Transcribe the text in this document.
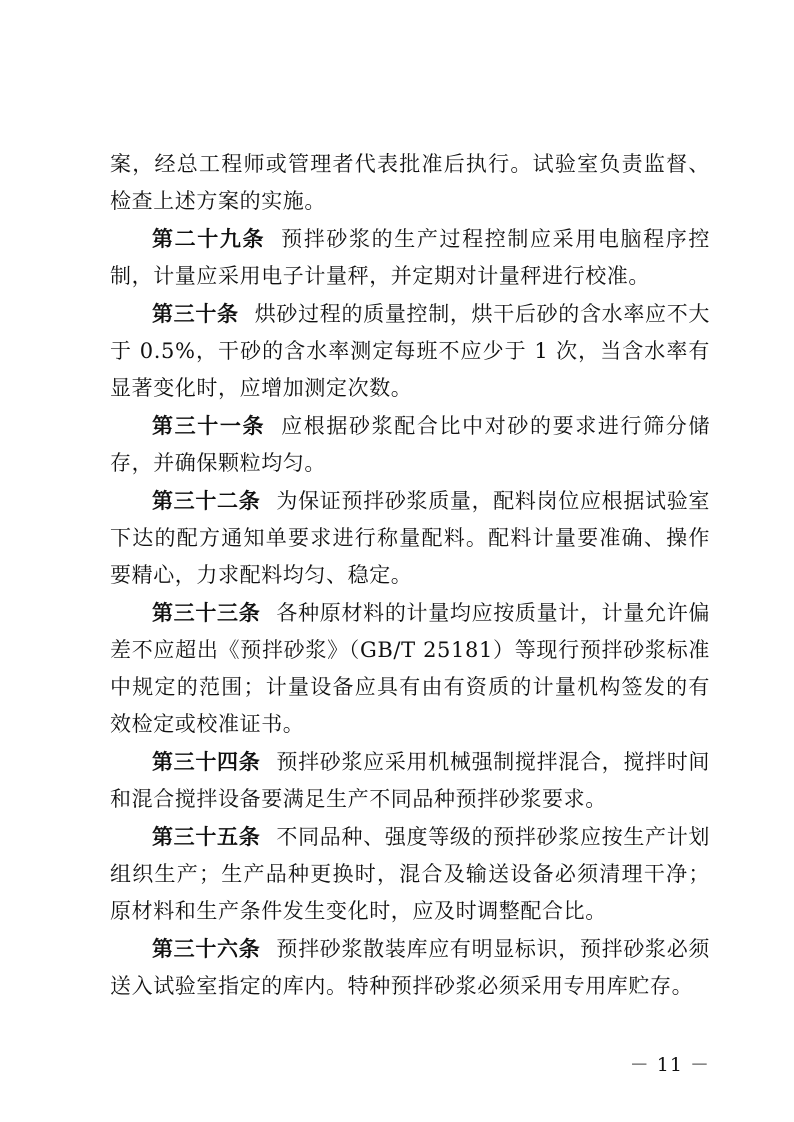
案，经总工程师或管理者代表批准后执行。试验室负责监督、检查上述方案的实施。

第二十九条 预拌砂浆的生产过程控制应采用电脑程序控制，计量应采用电子计量秤，并定期对计量秤进行校准。

第三十条 烘砂过程的质量控制，烘干后砂的含水率应不大于 0.5%，干砂的含水率测定每班不应少于 1 次，当含水率有显著变化时，应增加测定次数。

第三十一条 应根据砂浆配合比中对砂的要求进行筛分储存，并确保颗粒均匀。

第三十二条 为保证预拌砂浆质量，配料岗位应根据试验室下达的配方通知单要求进行称量配料。配料计量要准确、操作要精心，力求配料均匀、稳定。

第三十三条 各种原材料的计量均应按质量计，计量允许偏差不应超出《预拌砂浆》（GB/T 25181）等现行预拌砂浆标准中规定的范围；计量设备应具有由有资质的计量机构签发的有效检定或校准证书。

第三十四条 预拌砂浆应采用机械强制搅拌混合，搅拌时间和混合搅拌设备要满足生产不同品种预拌砂浆要求。

第三十五条 不同品种、强度等级的预拌砂浆应按生产计划组织生产；生产品种更换时，混合及输送设备必须清理干净；原材料和生产条件发生变化时，应及时调整配合比。

第三十六条 预拌砂浆散装库应有明显标识，预拌砂浆必须送入试验室指定的库内。特种预拌砂浆必须采用专用库贮存。

－ 11 －
